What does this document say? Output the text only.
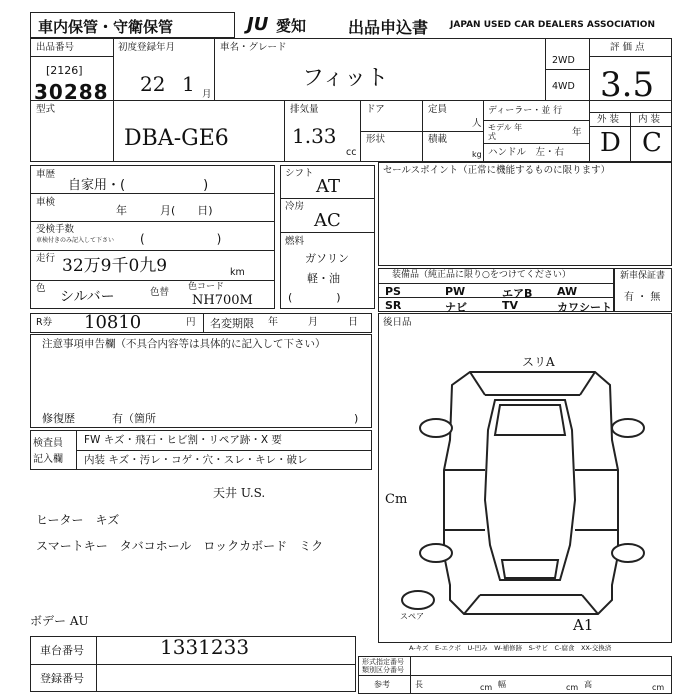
車内保管・守衛保管	JU 愛知	出品申込書 JAPAN USED CAR DEALERS ASSOCIATION
出品番号
[2126]
30288
初度登録年月
22 1 月
車名・グレード
フィット
2WD
4WD
評 価 点
3.5
型式
DBA-GE6
排気量
1.33
cc
ドア
形状
定員
人
積載
kg
ディーラー・並 行
モデル 年 式	年
ハンドル　左・右
外 装 内 装
D C
車歴
自家用・(　　　　　　)
車検
年　　　月(　　日)
受検手数
車検付きのみ記入して下さい (　　　　　　)
走行 32万9千0九9	km
色
シルバー	色替 色コード
NH700M
シフト
AT
冷房
AC
燃料
ガソリン
軽・油
(　　　　)
セールスポイント（正常に機能するものに限ります）
装備品（純正品に限り○をつけてください）
PS	PW	エアB AW
SR	ナビ	TV	カワシート
新車保証書
有 ・ 無
R券 10810	円 名変期限 年　　　月　　　日
注意事項申告欄（不具合内容等は具体的に記入して下さい）
修復歴	有（箇所	)
後日品
検査員 記入欄
FW キズ・飛石・ヒビ割・リペア跡・X 要
内装 キズ・汚レ・コゲ・穴・スレ・キレ・破レ
天井 U.S.
ヒーター　キズ
スマートキー　タバコホール　ロックカボード　ミク
ボデー AU
Cm
スリA
A1
スペア
A-キズ　E-エクボ　U-凹み　W-補修跡　S-サビ　C-腐食　XX-交換済
車台番号	1331233
登録番号
形式指定番号
類別区分番号
参考	長	cm 幅	cm 高	cm
